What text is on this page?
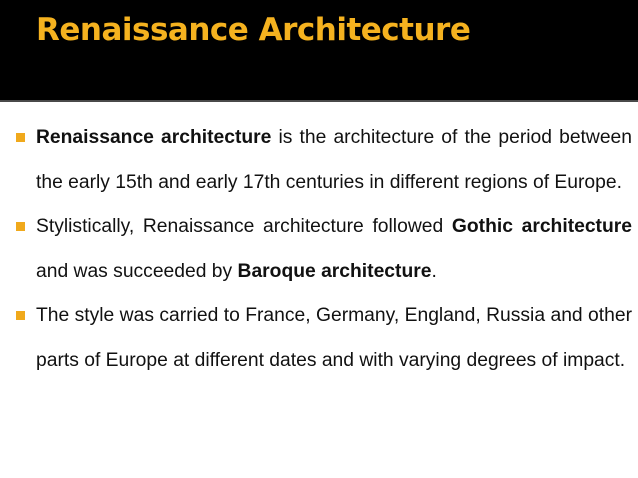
Renaissance Architecture
Renaissance architecture is the architecture of the period between the early 15th and early 17th centuries in different regions of Europe.
Stylistically, Renaissance architecture followed Gothic architecture and was succeeded by Baroque architecture.
The style was carried to France, Germany, England, Russia and other parts of Europe at different dates and with varying degrees of impact.
